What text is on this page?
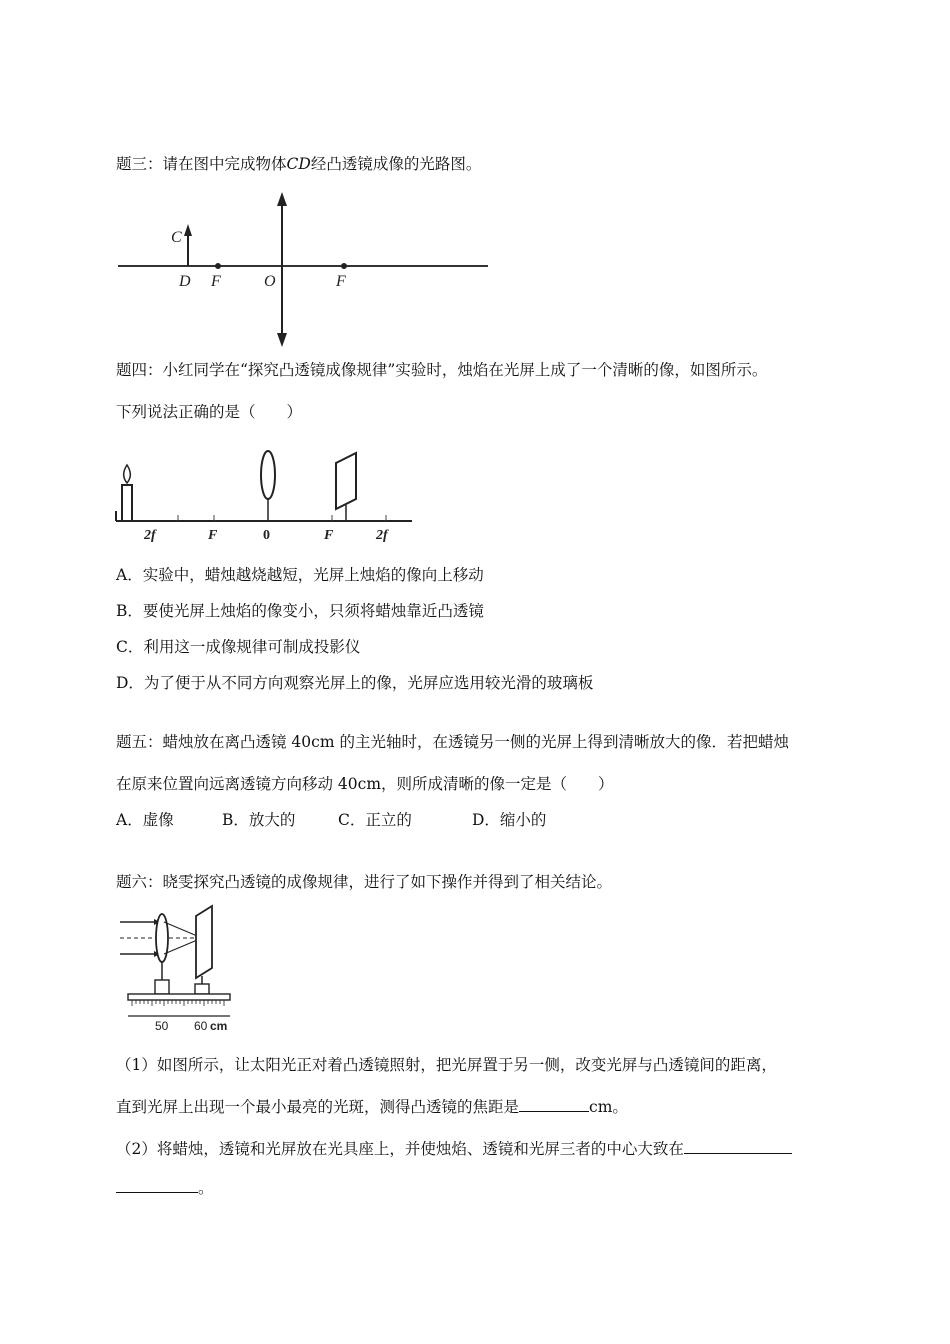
题三：请在图中完成物体CD经凸透镜成像的光路图。
C
D F	O	F
题四：小红同学在“探究凸透镜成像规律”实验时，烛焰在光屏上成了一个清晰的像，如图所示。
下列说法正确的是（　　）
2f	F	0	F	2f
A．实验中，蜡烛越烧越短，光屏上烛焰的像向上移动
B．要使光屏上烛焰的像变小，只须将蜡烛靠近凸透镜
C．利用这一成像规律可制成投影仪
D．为了便于从不同方向观察光屏上的像，光屏应选用较光滑的玻璃板
题五：蜡烛放在离凸透镜 40cm 的主光轴时，在透镜另一侧的光屏上得到清晰放大的像．若把蜡烛
在原来位置向远离透镜方向移动 40cm，则所成清晰的像一定是（　　）
A．虚像	B．放大的	C．正立的	D．缩小的
题六：晓雯探究凸透镜的成像规律，进行了如下操作并得到了相关结论。
50 60 cm
（1）如图所示，让太阳光正对着凸透镜照射，把光屏置于另一侧，改变光屏与凸透镜间的距离，
直到光屏上出现一个最小最亮的光斑，测得凸透镜的焦距是	cm。
（2）将蜡烛，透镜和光屏放在光具座上，并使烛焰、透镜和光屏三者的中心大致在
。
